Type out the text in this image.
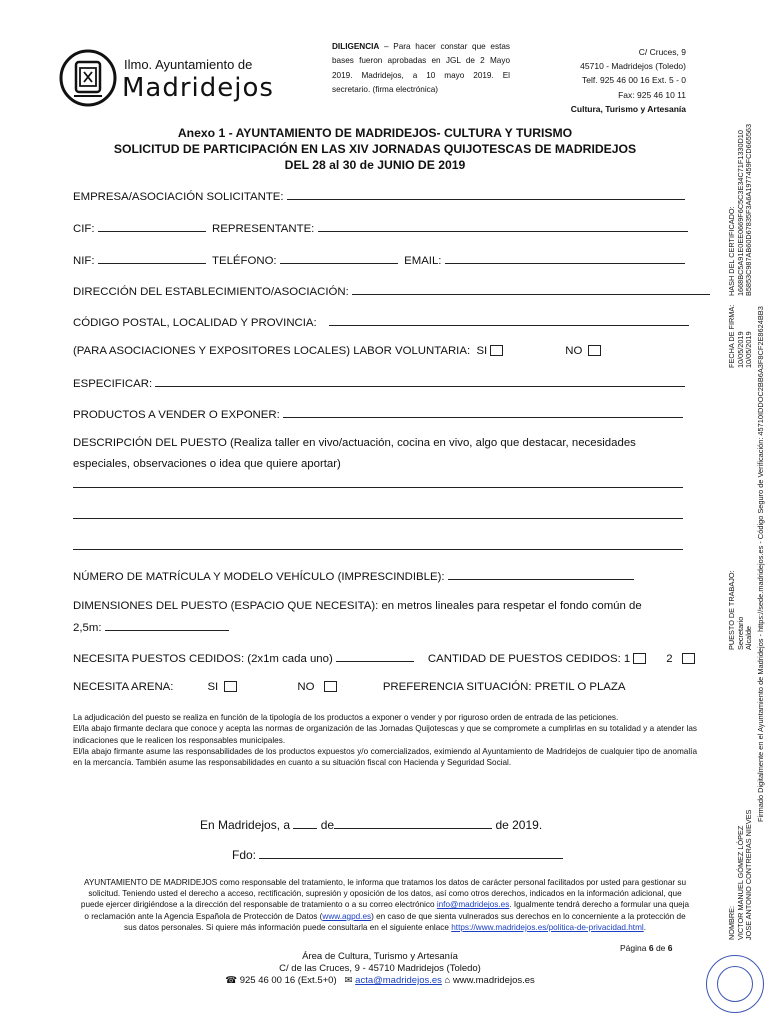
Ilmo. Ayuntamiento de
Madridejos
DILIGENCIA – Para hacer constar que estas bases fueron aprobadas en JGL de 2 Mayo 2019. Madridejos, a 10 mayo 2019. El secretario. (firma electrónica)
C/ Cruces, 9
45710 - Madridejos (Toledo)
Telf. 925 46 00 16 Ext. 5 - 0
Fax: 925 46 10 11
Cultura, Turismo y Artesanía
Anexo 1 - AYUNTAMIENTO DE MADRIDEJOS- CULTURA Y TURISMO
SOLICITUD DE PARTICIPACIÓN EN LAS XIV JORNADAS QUIJOTESCAS DE MADRIDEJOS
DEL 28 al 30 de JUNIO DE 2019
EMPRESA/ASOCIACIÓN SOLICITANTE:
CIF:	REPRESENTANTE:
NIF:	TELÉFONO:	EMAIL:
DIRECCIÓN DEL ESTABLECIMIENTO/ASOCIACIÓN:
CÓDIGO POSTAL, LOCALIDAD Y PROVINCIA:
(PARA ASOCIACIONES Y EXPOSITORES LOCALES) LABOR VOLUNTARIA: SI	NO
ESPECIFICAR:
PRODUCTOS A VENDER O EXPONER:
DESCRIPCIÓN DEL PUESTO (Realiza taller en vivo/actuación, cocina en vivo, algo que destacar, necesidades
especiales, observaciones o idea que quiere aportar)
NÚMERO DE MATRÍCULA Y MODELO VEHÍCULO (IMPRESCINDIBLE):
DIMENSIONES DEL PUESTO (ESPACIO QUE NECESITA): en metros lineales para respetar el fondo común de
2,5m:
NECESITA PUESTOS CEDIDOS: (2x1m cada uno)	CANTIDAD DE PUESTOS CEDIDOS: 1	2
NECESITA ARENA:	SI	NO	PREFERENCIA SITUACIÓN: PRETIL O PLAZA
La adjudicación del puesto se realiza en función de la tipología de los productos a exponer o vender y por riguroso orden de entrada de las peticiones.
El/la abajo firmante declara que conoce y acepta las normas de organización de las Jornadas Quijotescas y que se compromete a cumplirlas en su totalidad y a atender las indicaciones que le realicen los responsables municipales.
El/la abajo firmante asume las responsabilidades de los productos expuestos y/o comercializados, eximiendo al Ayuntamiento de Madridejos de cualquier tipo de anomalía en la mercancía. También asume las responsabilidades en cuanto a su situación fiscal con Hacienda y Seguridad Social.
En Madridejos, a	de	de 2019.
Fdo:
AYUNTAMIENTO DE MADRIDEJOS como responsable del tratamiento, le informa que tratamos los datos de carácter personal facilitados por usted para gestionar su solicitud. Teniendo usted el derecho a acceso, rectificación, supresión y oposición de los datos, así como otros derechos, indicados en la información adicional, que puede ejercer dirigiéndose a la dirección del responsable de tratamiento o a su correo electrónico info@madridejos.es. Igualmente tendrá derecho a formular una queja o reclamación ante la Agencia Española de Protección de Datos (www.agpd.es) en caso de que sienta vulnerados sus derechos en lo concerniente a la protección de sus datos personales. Si quiere más información puede consultarla en el siguiente enlace https://www.madridejos.es/politica-de-privacidad.html.
Página 6 de 6
Área de Cultura, Turismo y Artesanía
C/ de las Cruces, 9 - 45710 Madridejos (Toledo)
☎ 925 46 00 16 (Ext.5+0) ✉ acta@madridejos.es ⌂ www.madridejos.es
FECHA DE FIRMA: 10/05/2019 10/05/2019
HASH DEL CERTIFICADO: 1668BC5A91E0EE0669F6C5C3E34C71F1330D10 B5853C987AB60D67835F3A6A1977459FCD665563
PUESTO DE TRABAJO: Secretario Alcalde
NOMBRE: VICTOR MANUEL GÓMEZ LÓPEZ JOSE ANTONIO CONTRERAS NIEVES
Firmado Digitalmente en el Ayuntamiento de Madridejos - https://sede.madridejos.es - Código Seguro de Verificación: 45710IDDOC2BB6A3F8CF2E8624BB3
